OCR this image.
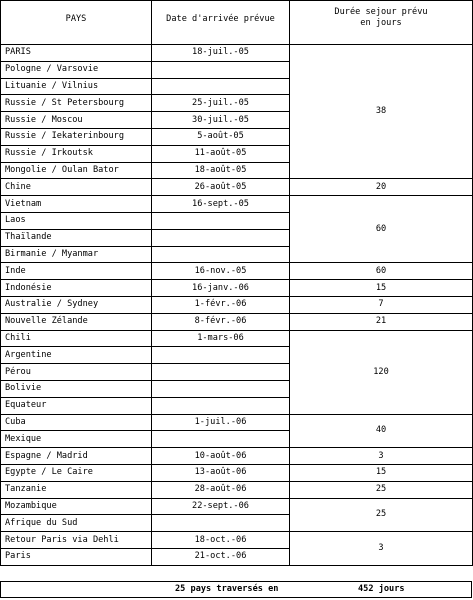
PAYS	Date d'arrivée prévue	Durée sejour prévu
en jours

PARIS	18-juil.-05	38
Pologne / Varsovie		
Lituanie / Vilnius		
Russie / St Petersbourg	25-juil.-05	
Russie / Moscou	30-juil.-05	
Russie / Iekaterinbourg	5-août-05	
Russie / Irkoutsk	11-août-05	
Mongolie / Oulan Bator	18-août-05	
Chine	26-août-05	20
Vietnam	16-sept.-05	60
Laos		
Thaïlande		
Birmanie / Myanmar		
Inde	16-nov.-05	60
Indonésie	16-janv.-06	15
Australie / Sydney	1-févr.-06	7
Nouvelle Zélande	8-févr.-06	21
Chili	1-mars-06	120
Argentine		
Pérou		
Bolivie		
Equateur		
Cuba	1-juil.-06	40
Mexique		
Espagne / Madrid	10-août-06	3
Egypte / Le Caire	13-août-06	15
Tanzanie	28-août-06	25
Mozambique	22-sept.-06	25
Afrique du Sud		
Retour Paris via Dehli	18-oct.-06	3
Paris	21-oct.-06	
25 pays traversés en	452 jours
